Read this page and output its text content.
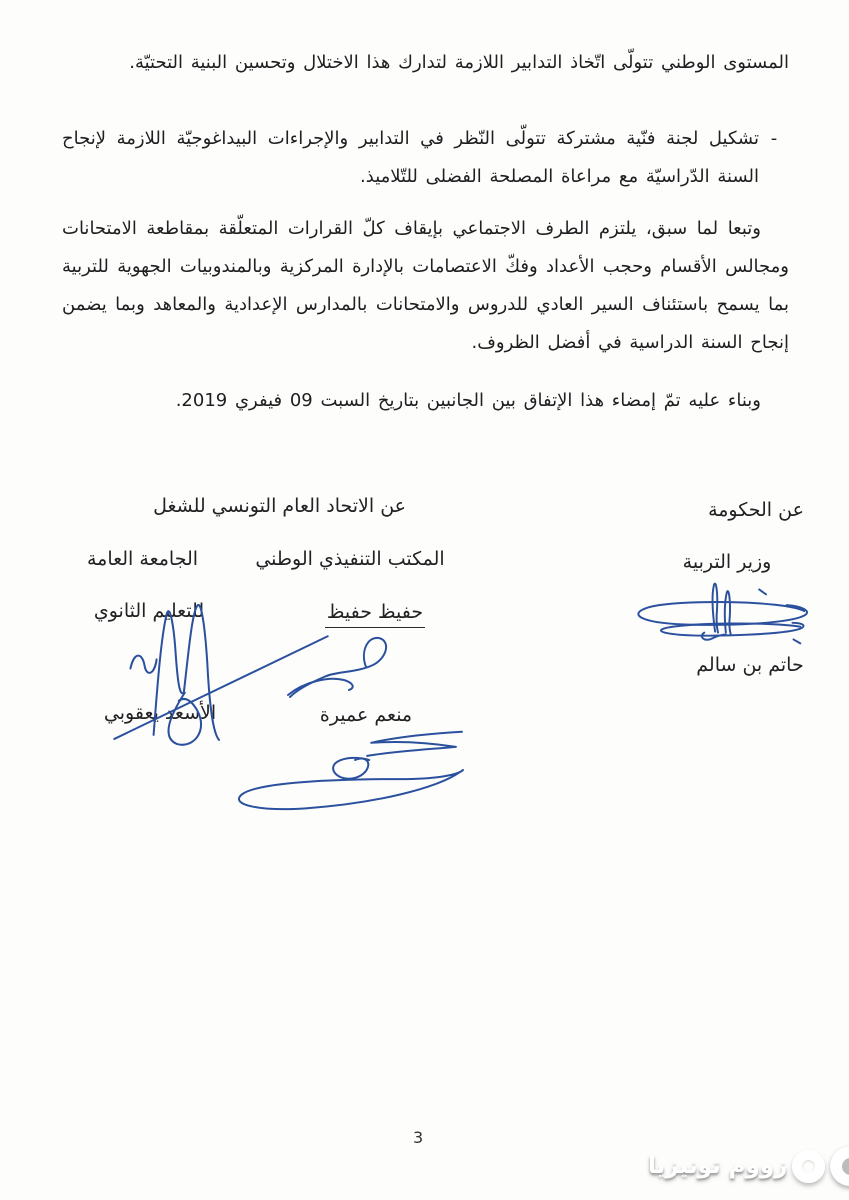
المستوى الوطني تتولّى اتّخاذ التدابير اللازمة لتدارك هذا الاختلال وتحسين البنية التحتيّة.

-

تشكيل لجنة فنّية مشتركة تتولّى النّظر في التدابير والإجراءات البيداغوجيّة اللازمة لإنجاح السنة الدّراسيّة مع مراعاة المصلحة الفضلى للتّلاميذ.

وتبعا لما سبق، يلتزم الطرف الاجتماعي بإيقاف كلّ القرارات المتعلّقة بمقاطعة الامتحانات ومجالس الأقسام وحجب الأعداد وفكّ الاعتصامات بالإدارة المركزية وبالمندوبيات الجهوية للتربية بما يسمح باستئناف السير العادي للدروس والامتحانات بالمدارس الإعدادية والمعاهد وبما يضمن إنجاح السنة الدراسية في أفضل الظروف.

وبناء عليه تمّ إمضاء هذا الإتفاق بين الجانبين بتاريخ السبت 09 فيفري 2019.

عن الحكومة
وزير التربية
حاتم بن سالم
عن الاتحاد العام التونسي للشغل
المكتب التنفيذي الوطني
حفيظ حفيظ
منعم عميرة
الجامعة العامة
للتعليم الثانوي
الأسعد يعقوبي
3
زووم تونيزيا
